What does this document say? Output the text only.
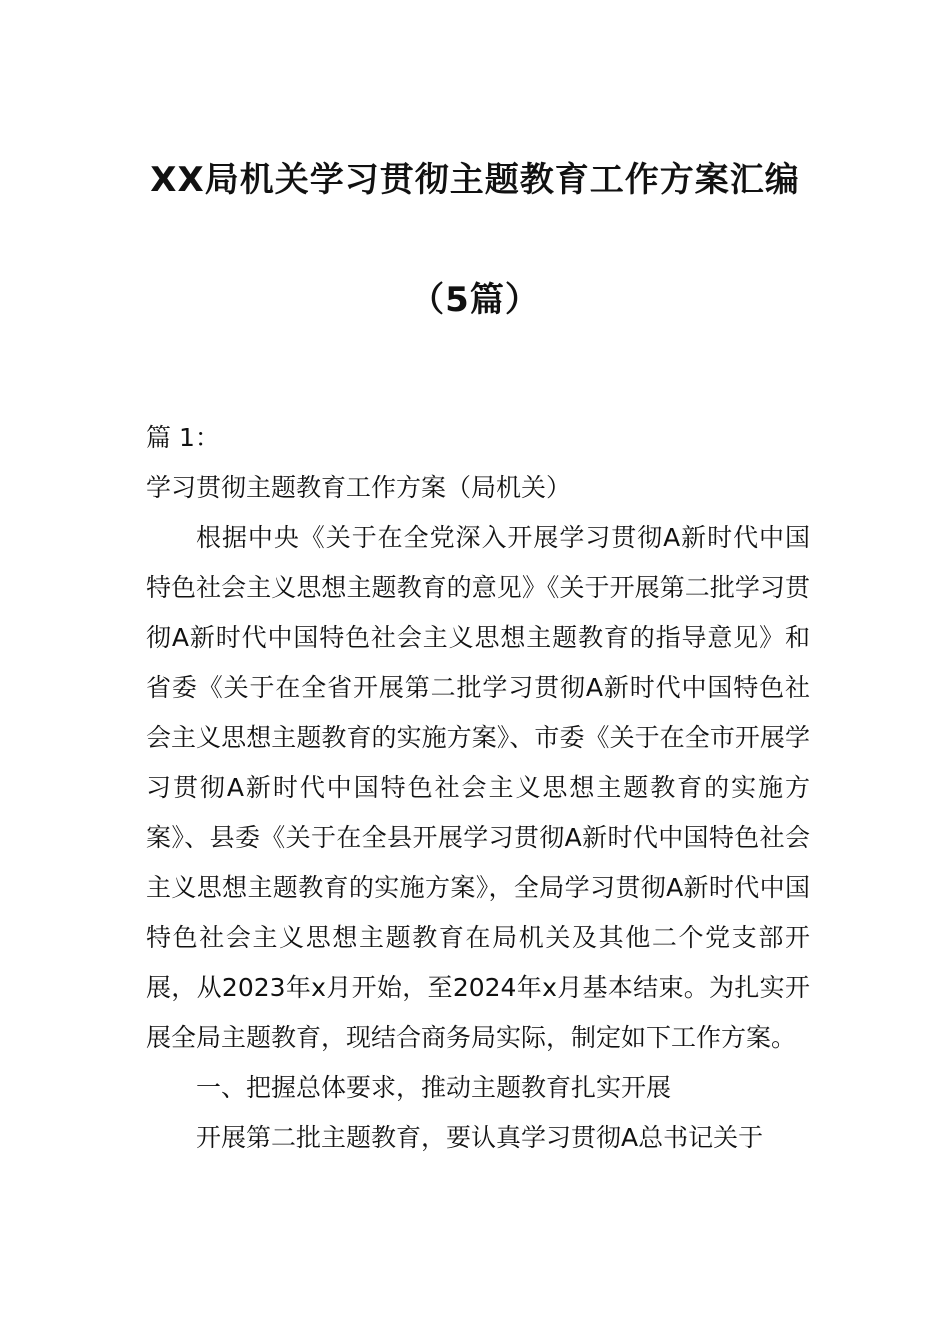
XX局机关学习贯彻主题教育工作方案汇编
（5篇）

篇 1：

学习贯彻主题教育工作方案（局机关）

根据中央《关于在全党深入开展学习贯彻A新时代中国特色社会主义思想主题教育的意见》《关于开展第二批学习贯彻A新时代中国特色社会主义思想主题教育的指导意见》和省委《关于在全省开展第二批学习贯彻A新时代中国特色社会主义思想主题教育的实施方案》、市委《关于在全市开展学习贯彻A新时代中国特色社会主义思想主题教育的实施方案》、县委《关于在全县开展学习贯彻A新时代中国特色社会主义思想主题教育的实施方案》，全局学习贯彻A新时代中国特色社会主义思想主题教育在局机关及其他二个党支部开展，从2023年x月开始，至2024年x月基本结束。为扎实开展全局主题教育，现结合商务局实际，制定如下工作方案。

一、把握总体要求，推动主题教育扎实开展

开展第二批主题教育，要认真学习贯彻A总书记关于
